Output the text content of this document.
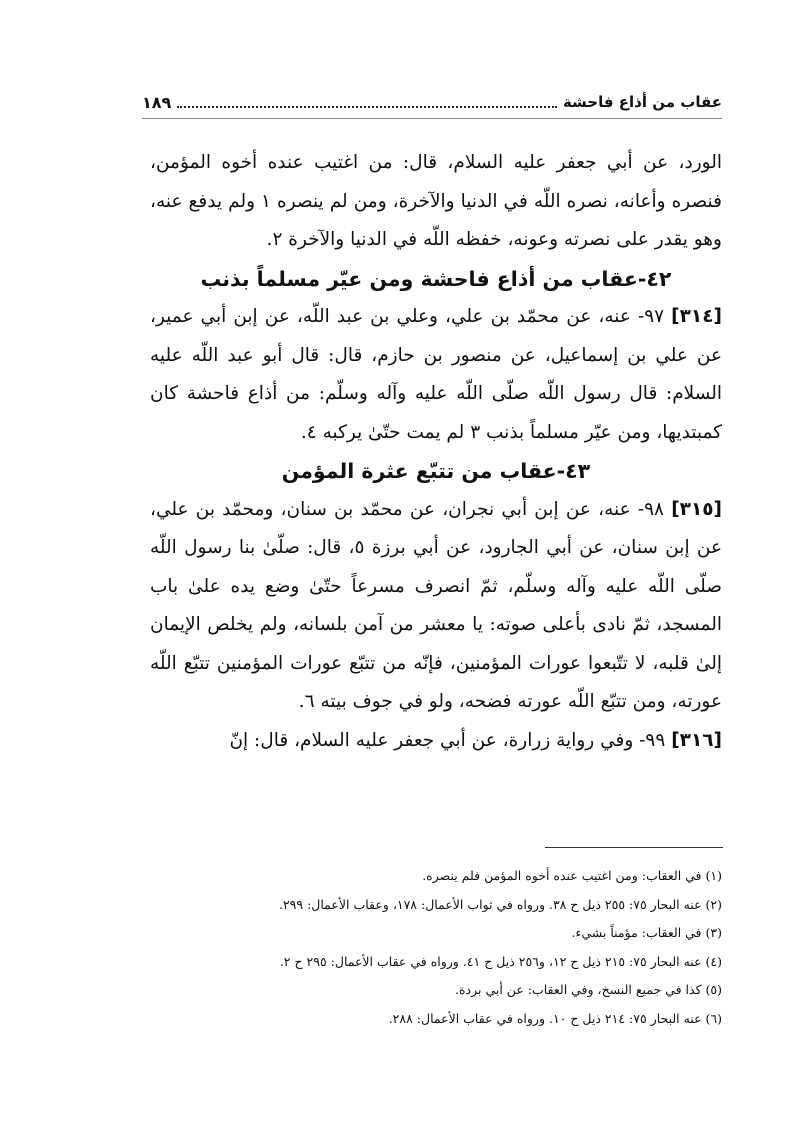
عقاب من أذاع فاحشة
١٨٩

الورد، عن أبي جعفر عليه السلام، قال: من اغتيب عنده أخوه المؤمن، فنصره وأعانه، نصره اللّه في الدنيا والآخرة، ومن لم ينصره ١ ولم يدفع عنه، وهو يقدر على نصرته وعونه، خفظه اللّه في الدنيا والآخرة ٢.

٤٢-عقاب من أذاع فاحشة ومن عيّر مسلماً بذنب

[٣١٤] ٩٧- عنه، عن محمّد بن علي، وعلي بن عبد اللّه، عن إبن أبي عمير، عن علي بن إسماعيل، عن منصور بن حازم، قال: قال أبو عبد اللّه عليه السلام: قال رسول اللّه صلّى اللّه عليه وآله وسلّم: من أذاع فاحشة كان كمبتديها، ومن عيّر مسلماً بذنب ٣ لم يمت حتّىٰ يركبه ٤.

٤٣-عقاب من تتبّع عثرة المؤمن

[٣١٥] ٩٨- عنه، عن إبن أبي نجران، عن محمّد بن سنان، ومحمّد بن علي، عن إبن سنان، عن أبي الجارود، عن أبي برزة ٥، قال: صلّىٰ بنا رسول اللّه صلّى اللّه عليه وآله وسلّم، ثمّ انصرف مسرعاً حتّىٰ وضع يده علىٰ باب المسجد، ثمّ نادى بأعلى صوته: يا معشر من آمن بلسانه، ولم يخلص الإيمان إلىٰ قلبه، لا تتّبعوا عورات المؤمنين، فإنّه من تتبّع عورات المؤمنين تتبّع اللّه عورته، ومن تتبّع اللّه عورته فضحه، ولو في جوف بيته ٦.

[٣١٦] ٩٩- وفي رواية زرارة، عن أبي جعفر عليه السلام، قال: إنّ

(١) في العقاب: ومن اغتيب عنده أخوه المؤمن فلم ينصره.

(٢) عنه البحار ٧٥: ٢٥٥ ذيل ح ٣٨. ورواه في ثواب الأعمال: ١٧٨، وعقاب الأعمال: ٢٩٩.

(٣) في العقاب: مؤمناً بشيء.

(٤) عنه البحار ٧٥: ٢١٥ ذيل ح ١٢، و٢٥٦ ذيل ح ٤١. ورواه في عقاب الأعمال: ٢٩٥ ح ٢.

(٥) كذا في جميع النسخ، وفي العقاب: عن أبي بردة.

(٦) عنه البحار ٧٥: ٢١٤ ذيل ح ١٠. ورواه في عقاب الأعمال: ٢٨٨.
